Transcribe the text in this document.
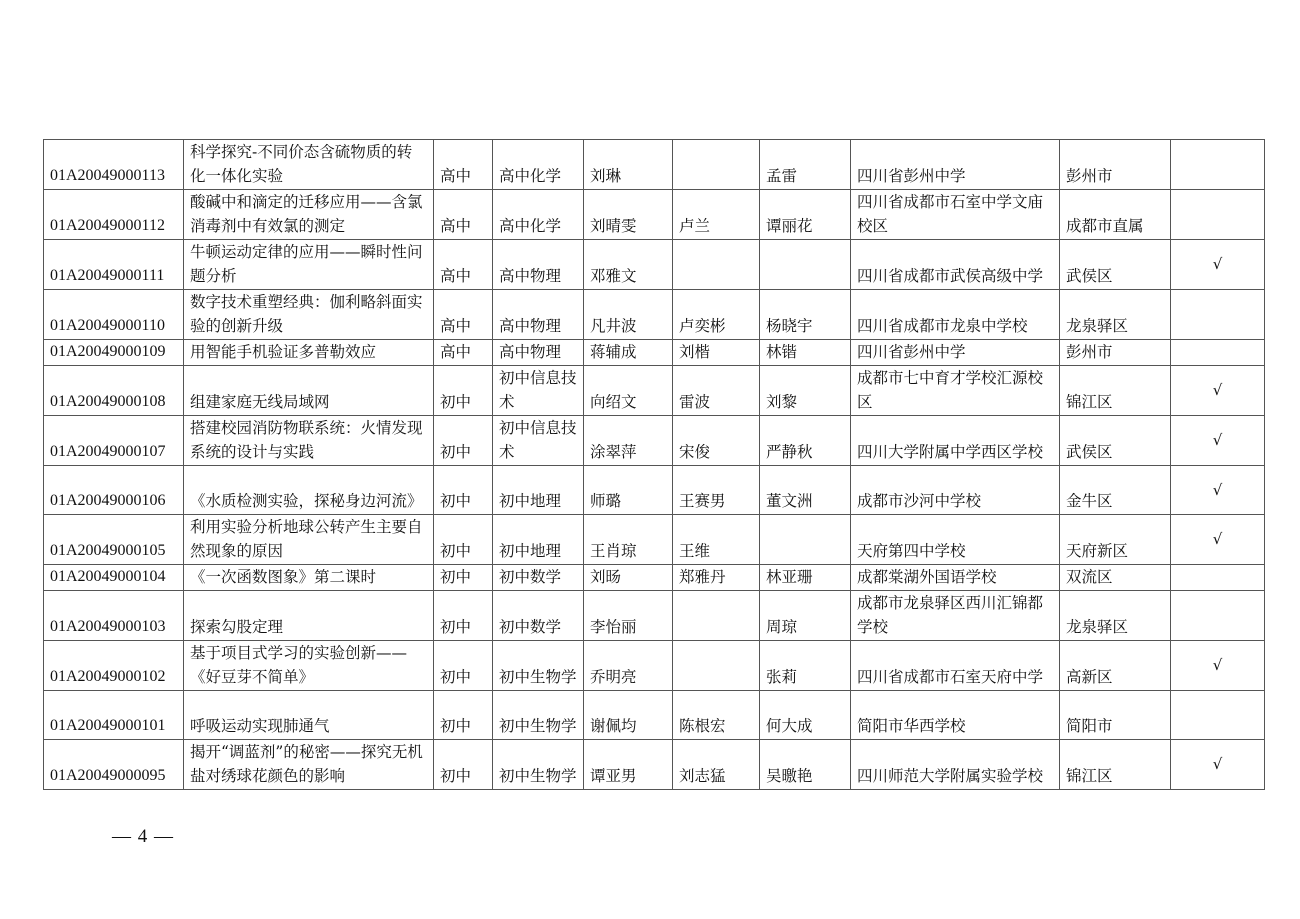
01A20049000113	科学探究-不同价态含硫物质的转化一体化实验	高中	高中化学	刘琳		孟雷	四川省彭州中学	彭州市	
01A20049000112	酸碱中和滴定的迁移应用——含氯消毒剂中有效氯的测定	高中	高中化学	刘晴雯	卢兰	谭丽花	四川省成都市石室中学文庙校区	成都市直属	
01A20049000111	牛顿运动定律的应用——瞬时性问题分析	高中	高中物理	邓雅文			四川省成都市武侯高级中学	武侯区	√
01A20049000110	数字技术重塑经典：伽利略斜面实验的创新升级	高中	高中物理	凡井波	卢奕彬	杨晓宇	四川省成都市龙泉中学校	龙泉驿区	
01A20049000109	用智能手机验证多普勒效应	高中	高中物理	蒋辅成	刘楷	林锴	四川省彭州中学	彭州市	
01A20049000108	组建家庭无线局域网	初中	初中信息技术	向绍文	雷波	刘黎	成都市七中育才学校汇源校区	锦江区	√
01A20049000107	搭建校园消防物联系统：火情发现系统的设计与实践	初中	初中信息技术	涂翠萍	宋俊	严静秋	四川大学附属中学西区学校	武侯区	√
01A20049000106	《水质检测实验，探秘身边河流》	初中	初中地理	师璐	王赛男	董文洲	成都市沙河中学校	金牛区	√
01A20049000105	利用实验分析地球公转产生主要自然现象的原因	初中	初中地理	王肖琼	王维		天府第四中学校	天府新区	√
01A20049000104	《一次函数图象》第二课时	初中	初中数学	刘旸	郑雅丹	林亚珊	成都棠湖外国语学校	双流区	
01A20049000103	探索勾股定理	初中	初中数学	李怡丽		周琼	成都市龙泉驿区西川汇锦都学校	龙泉驿区	
01A20049000102	基于项目式学习的实验创新——《好豆芽不简单》	初中	初中生物学	乔明亮		张莉	四川省成都市石室天府中学	高新区	√
01A20049000101	呼吸运动实现肺通气	初中	初中生物学	谢佩均	陈根宏	何大成	简阳市华西学校	简阳市	
01A20049000095	揭开“调蓝剂”的秘密——探究无机盐对绣球花颜色的影响	初中	初中生物学	谭亚男	刘志猛	吴曒艳	四川师范大学附属实验学校	锦江区	√
— 4 —
